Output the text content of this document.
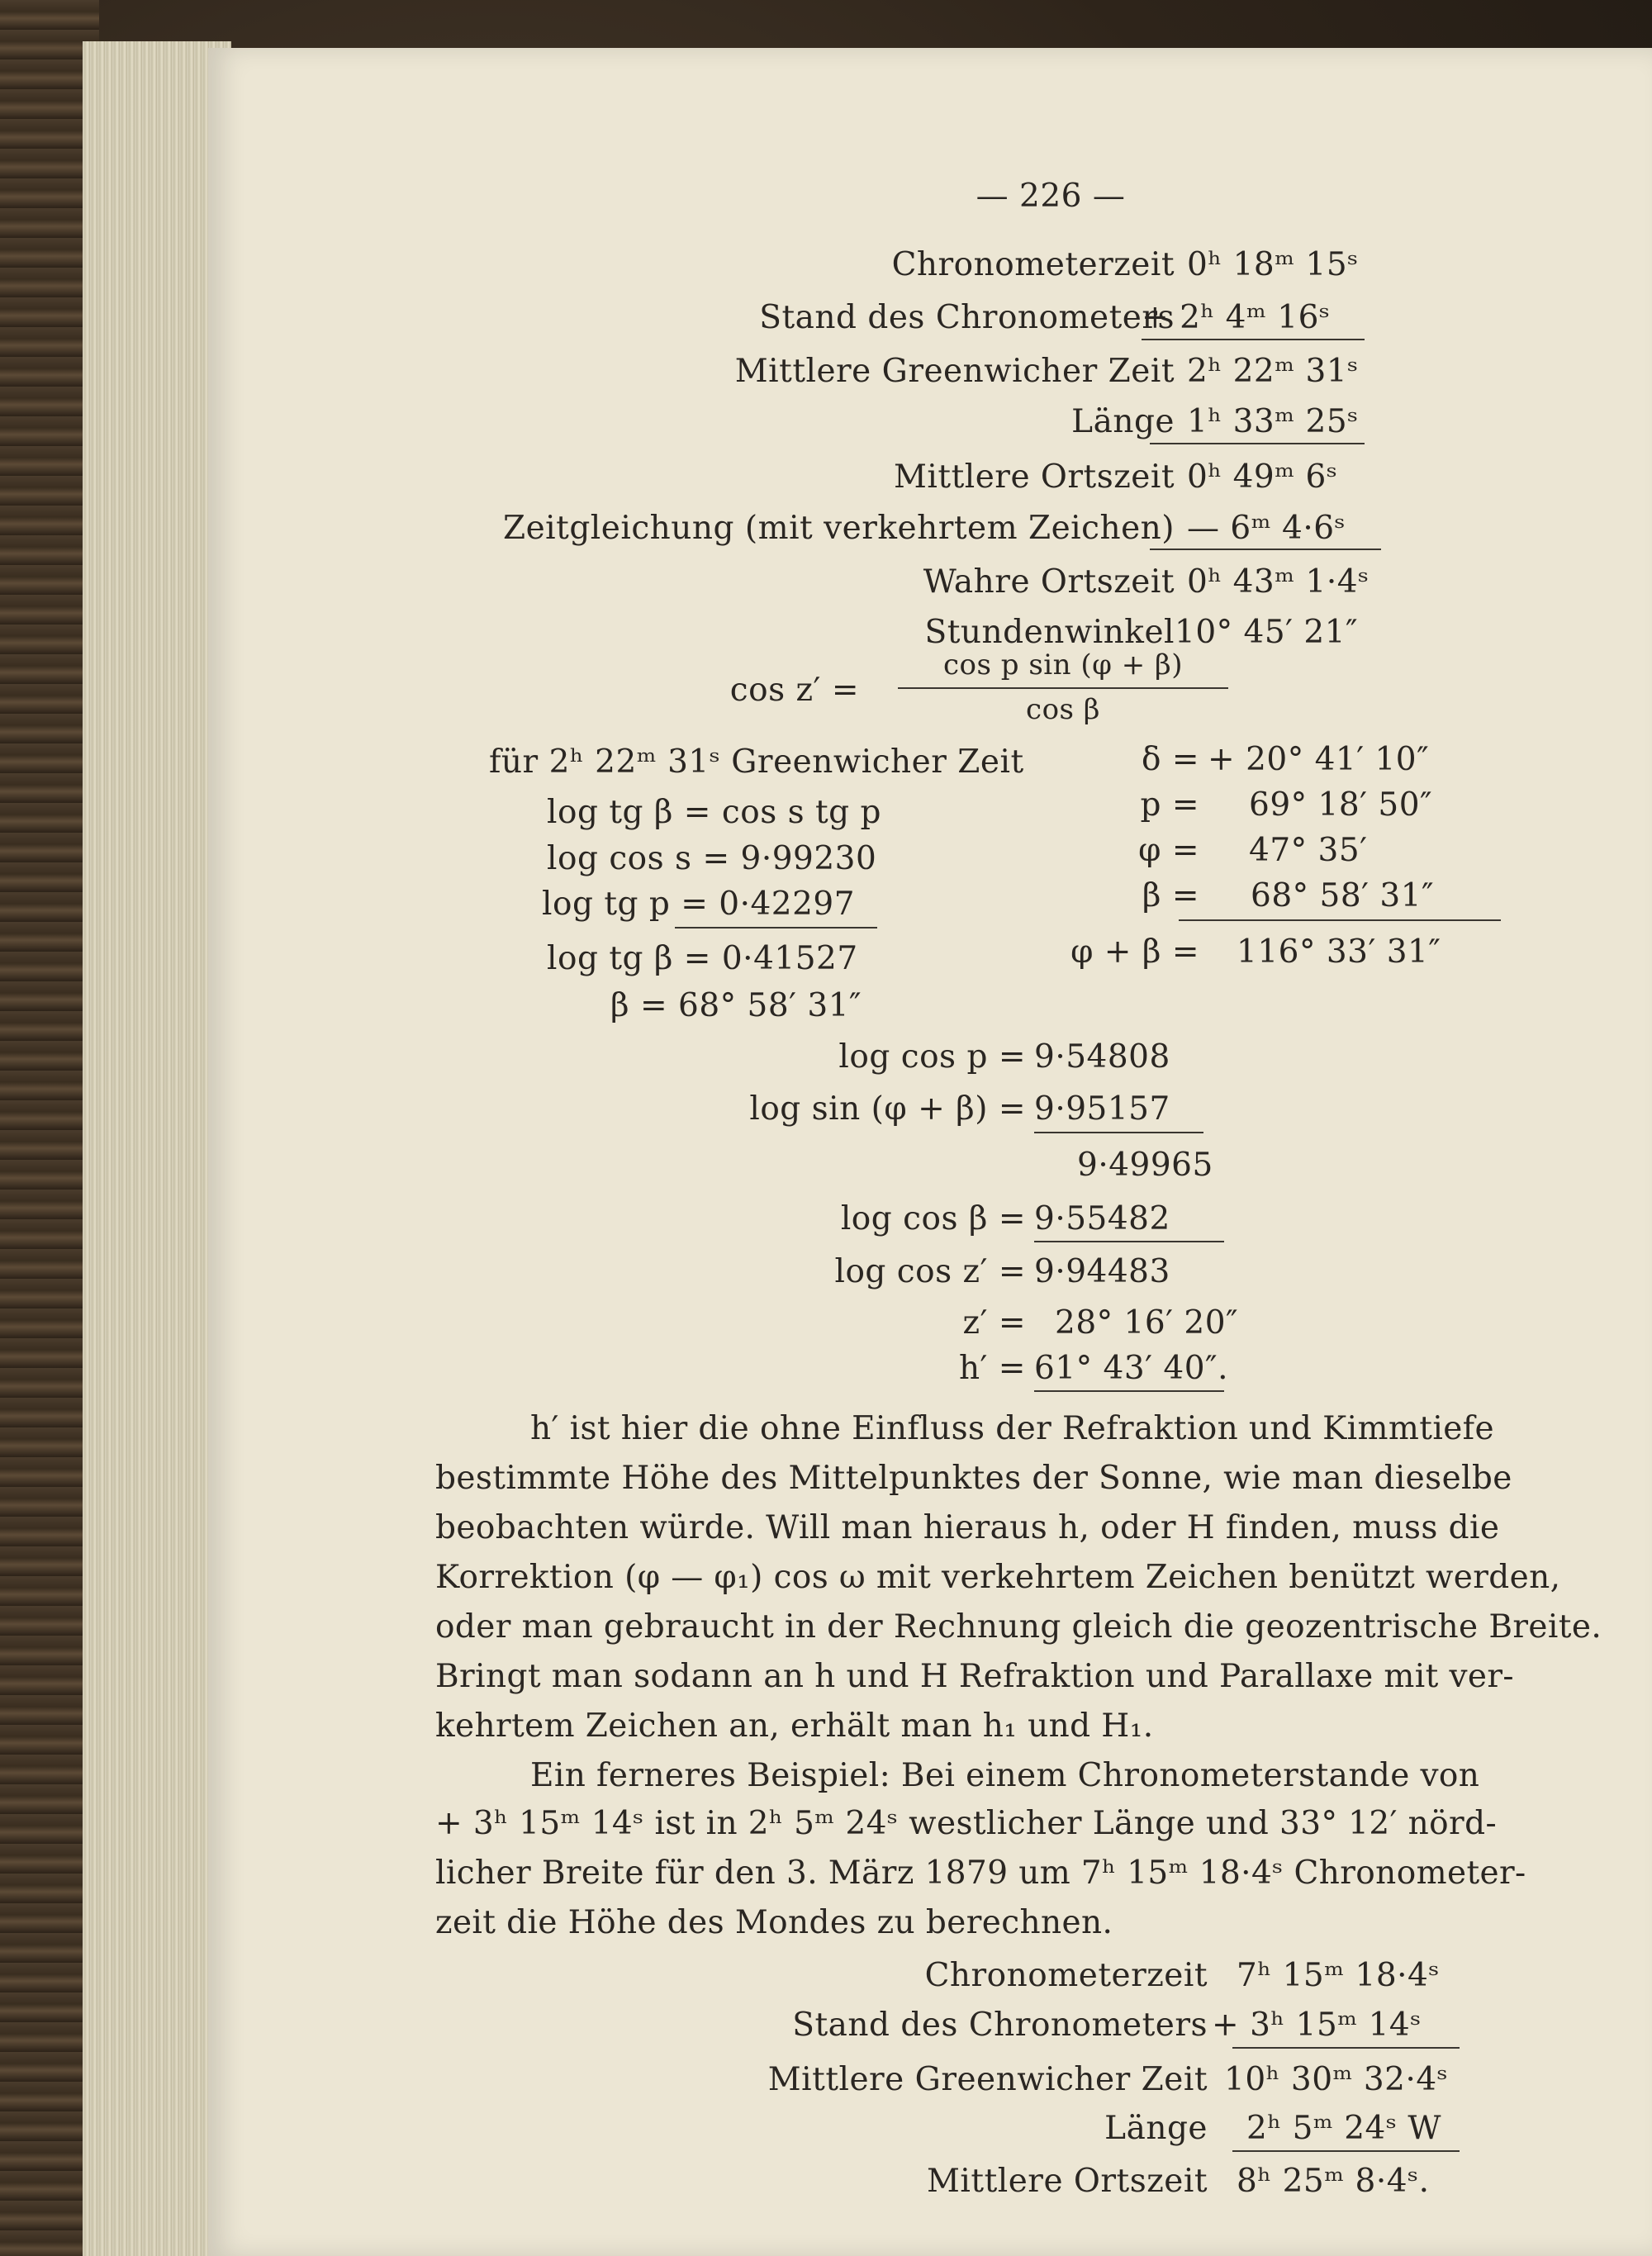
— 226 —
Chronometerzeit 0ʰ 18ᵐ 15ˢ
Stand des Chronometers
+ 2ʰ 4ᵐ 16ˢ
Mittlere Greenwicher Zeit 2ʰ 22ᵐ 31ˢ
Länge 1ʰ 33ᵐ 25ˢ
Mittlere Ortszeit 0ʰ 49ᵐ 6ˢ
Zeitgleichung (mit verkehrtem Zeichen) — 6ᵐ 4·6ˢ
Wahre Ortszeit 0ʰ 43ᵐ 1·4ˢ
Stundenwinkel 10° 45′ 21″
cos z′ =
cos p sin (φ + β)
cos β
für 2ʰ 22ᵐ 31ˢ Greenwicher Zeit
log tg β = cos s tg p
log cos s = 9·99230
log tg p = 0·42297
log tg β = 0·41527
β = 68° 58′ 31″
δ = + 20° 41′ 10″
p = 69° 18′ 50″
φ = 47° 35′
β = 68° 58′ 31″
φ + β = 116° 33′ 31″
log cos p = 9·54808
log sin (φ + β) = 9·95157
9·49965
log cos β = 9·55482
log cos z′ = 9·94483
z′ = 28° 16′ 20″
h′ = 61° 43′ 40″.
h′ ist hier die ohne Einfluss der Refraktion und Kimmtiefe
bestimmte Höhe des Mittelpunktes der Sonne, wie man dieselbe
beobachten würde. Will man hieraus h, oder H finden, muss die
Korrektion (φ — φ₁) cos ω mit verkehrtem Zeichen benützt werden,
oder man gebraucht in der Rechnung gleich die geozentrische Breite.
Bringt man sodann an h und H Refraktion und Parallaxe mit ver-
kehrtem Zeichen an, erhält man h₁ und H₁.
Ein ferneres Beispiel: Bei einem Chronometerstande von
+ 3ʰ 15ᵐ 14ˢ ist in 2ʰ 5ᵐ 24ˢ westlicher Länge und 33° 12′ nörd-
licher Breite für den 3. März 1879 um 7ʰ 15ᵐ 18·4ˢ Chronometer-
zeit die Höhe des Mondes zu berechnen.
Chronometerzeit 7ʰ 15ᵐ 18·4ˢ
Stand des Chronometers + 3ʰ 15ᵐ 14ˢ
Mittlere Greenwicher Zeit 10ʰ 30ᵐ 32·4ˢ
Länge 2ʰ 5ᵐ 24ˢ W
Mittlere Ortszeit 8ʰ 25ᵐ 8·4ˢ.
